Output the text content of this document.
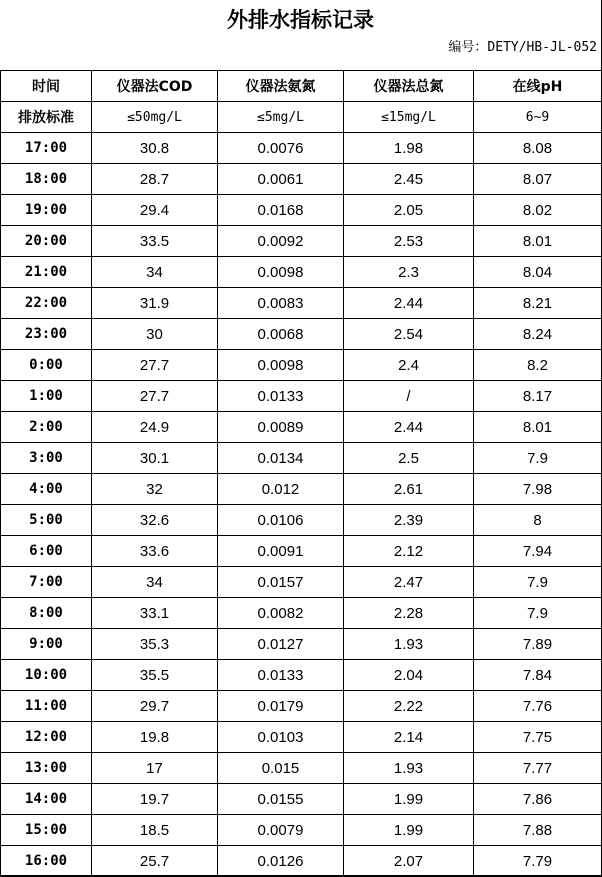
外排水指标记录
编号：DETY/HB-JL-052
时间	仪器法COD	仪器法氨氮	仪器法总氮	在线pH
排放标准	≤50mg/L	≤5mg/L	≤15mg/L	6~9
17:00	30.8	0.0076	1.98	8.08
18:00	28.7	0.0061	2.45	8.07
19:00	29.4	0.0168	2.05	8.02
20:00	33.5	0.0092	2.53	8.01
21:00	34	0.0098	2.3	8.04
22:00	31.9	0.0083	2.44	8.21
23:00	30	0.0068	2.54	8.24
0:00	27.7	0.0098	2.4	8.2
1:00	27.7	0.0133	/	8.17
2:00	24.9	0.0089	2.44	8.01
3:00	30.1	0.0134	2.5	7.9
4:00	32	0.012	2.61	7.98
5:00	32.6	0.0106	2.39	8
6:00	33.6	0.0091	2.12	7.94
7:00	34	0.0157	2.47	7.9
8:00	33.1	0.0082	2.28	7.9
9:00	35.3	0.0127	1.93	7.89
10:00	35.5	0.0133	2.04	7.84
11:00	29.7	0.0179	2.22	7.76
12:00	19.8	0.0103	2.14	7.75
13:00	17	0.015	1.93	7.77
14:00	19.7	0.0155	1.99	7.86
15:00	18.5	0.0079	1.99	7.88
16:00	25.7	0.0126	2.07	7.79
